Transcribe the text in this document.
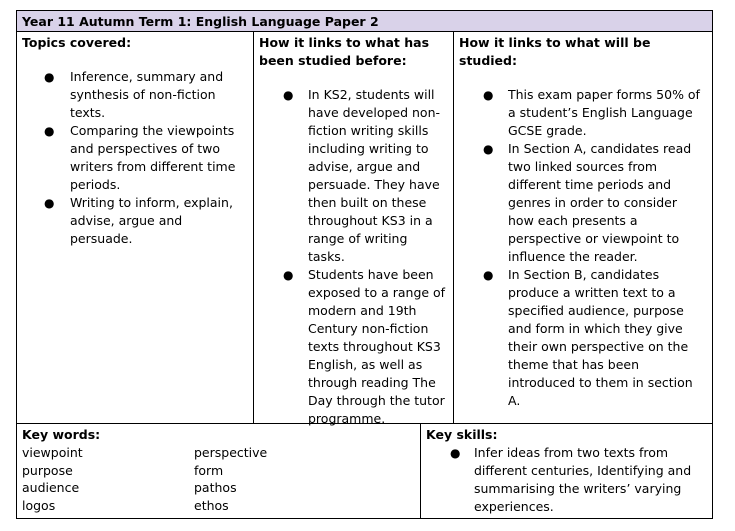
Year 11 Autumn Term 1: English Language Paper 2
Topics covered:
● Inference, summary and synthesis of non-fiction texts.
● Comparing the viewpoints and perspectives of two writers from different time periods.
● Writing to inform, explain, advise, argue and persuade.
How it links to what has been studied before:
● In KS2, students will have developed non-fiction writing skills including writing to advise, argue and persuade. They have then built on these throughout KS3 in a range of writing tasks.
● Students have been exposed to a range of modern and 19th Century non-fiction texts throughout KS3 English, as well as through reading The Day through the tutor programme.
How it links to what will be studied:
● This exam paper forms 50% of a student’s English Language GCSE grade.
● In Section A, candidates read two linked sources from different time periods and genres in order to consider how each presents a perspective or viewpoint to influence the reader.
● In Section B, candidates produce a written text to a specified audience, purpose and form in which they give their own perspective on the theme that has been introduced to them in section A.
Key words:
viewpoint	perspective
purpose	form
audience	pathos
logos	ethos
Key skills:
● Infer ideas from two texts from different centuries, Identifying and summarising the writers’ varying experiences.
